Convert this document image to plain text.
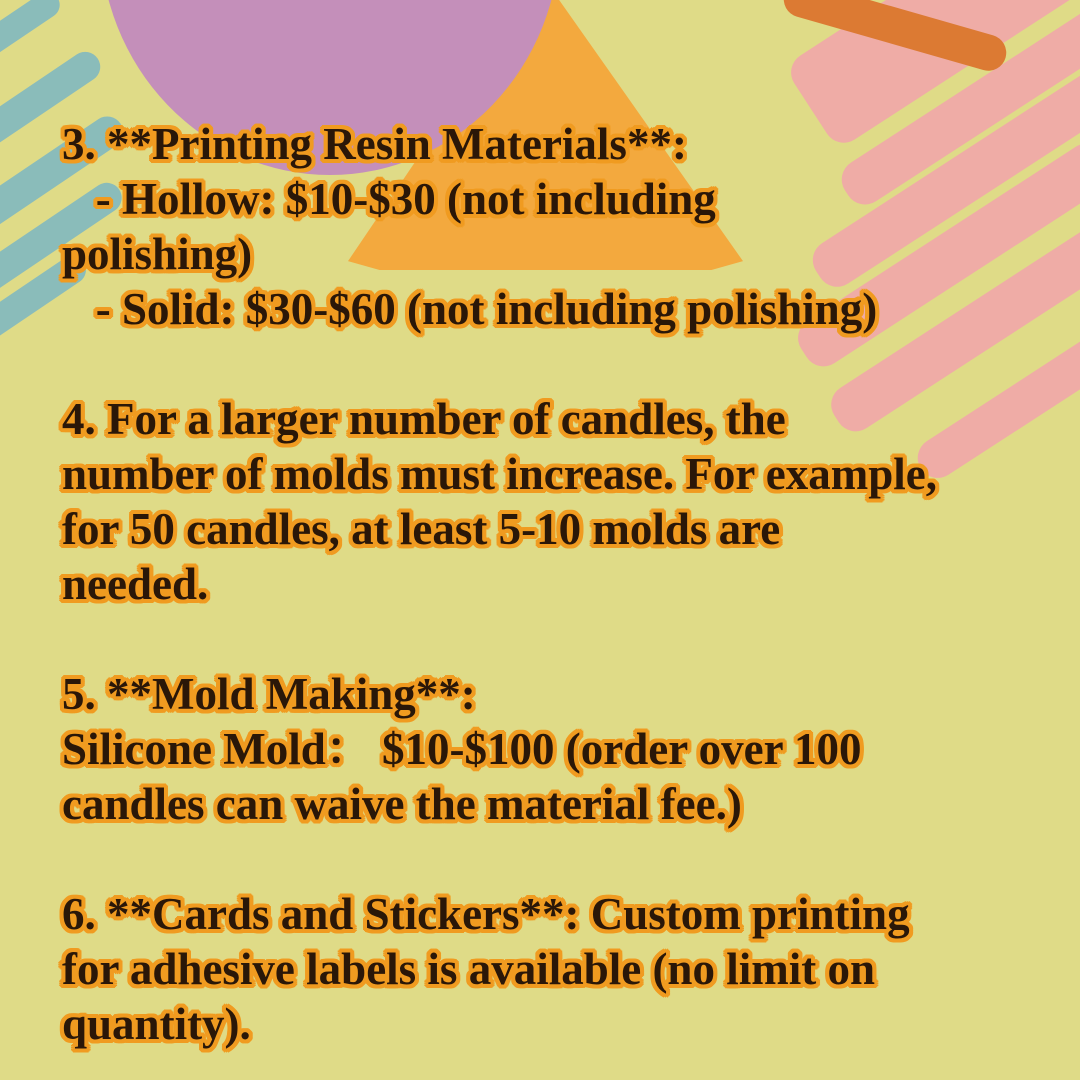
3. **Printing Resin Materials**:
- Hollow: $10-$30 (not including
polishing)
- Solid: $30-$60 (not including polishing)
4. For a larger number of candles, the
number of molds must increase. For example,
for 50 candles, at least 5-10 molds are
needed.
5. **Mold Making**:
Silicone Mold： $10-$100 (order over 100
candles can waive the material fee.)
6. **Cards and Stickers**: Custom printing
for adhesive labels is available (no limit on
quantity).
